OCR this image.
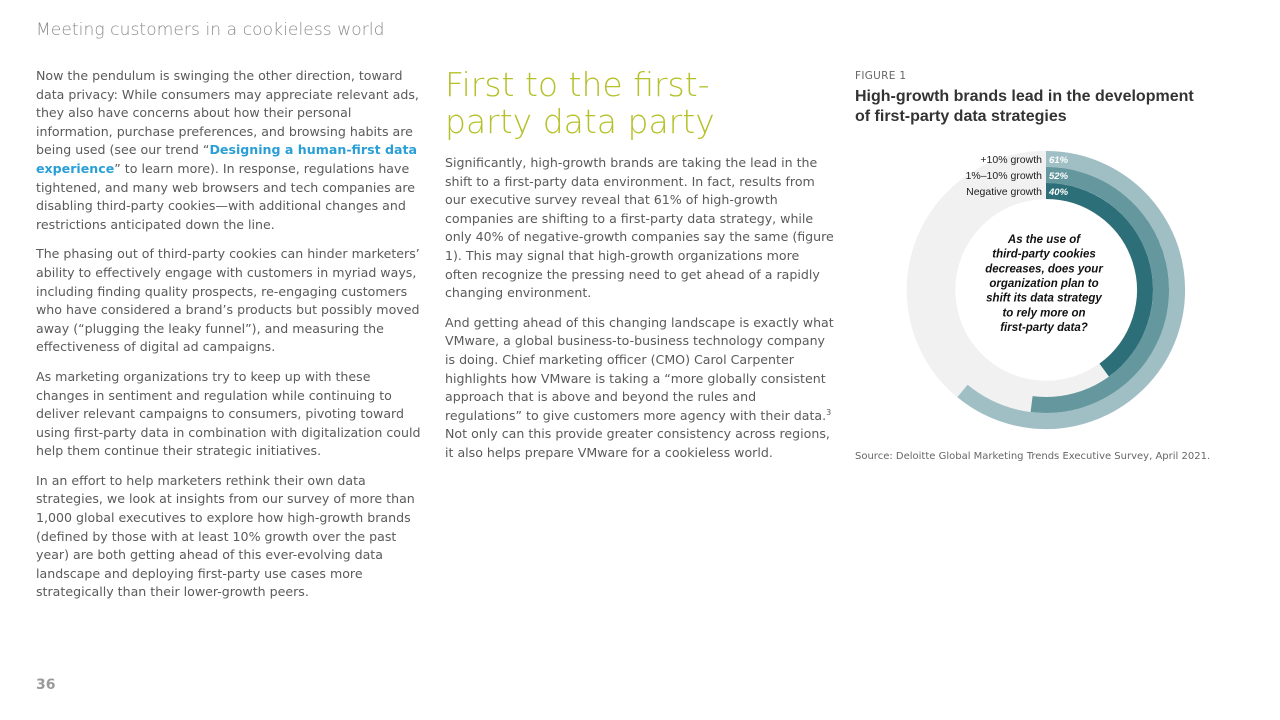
Meeting customers in a cookieless world

Now the pendulum is swinging the other direction, toward data privacy: While consumers may appreciate relevant ads, they also have concerns about how their personal information, purchase preferences, and browsing habits are being used (see our trend “Designing a human-first data experience” to learn more). In response, regulations have tightened, and many web browsers and tech companies are disabling third-party cookies—with additional changes and restrictions anticipated down the line.

The phasing out of third-party cookies can hinder marketers’ ability to effectively engage with customers in myriad ways, including finding quality prospects, re-engaging customers who have considered a brand’s products but possibly moved away (“plugging the leaky funnel”), and measuring the effectiveness of digital ad campaigns.

As marketing organizations try to keep up with these changes in sentiment and regulation while continuing to deliver relevant campaigns to consumers, pivoting toward using first-party data in combination with digitalization could help them continue their strategic initiatives.

In an effort to help marketers rethink their own data strategies, we look at insights from our survey of more than 1,000 global executives to explore how high-growth brands (defined by those with at least 10% growth over the past year) are both getting ahead of this ever-evolving data landscape and deploying first-party use cases more strategically than their lower-growth peers.

First to the first-party data party

Significantly, high-growth brands are taking the lead in the shift to a first-party data environment. In fact, results from our executive survey reveal that 61% of high-growth companies are shifting to a first-party data strategy, while only 40% of negative-growth companies say the same (figure 1). This may signal that high-growth organizations more often recognize the pressing need to get ahead of a rapidly changing environment.

And getting ahead of this changing landscape is exactly what VMware, a global business-to-business technology company is doing. Chief marketing officer (CMO) Carol Carpenter highlights how VMware is taking a “more globally consistent approach that is above and beyond the rules and regulations” to give customers more agency with their data.$^3$ Not only can this provide greater consistency across regions, it also helps prepare VMware for a cookieless world.

FIGURE 1
High-growth brands lead in the development of first-party data strategies
61%
+10% growth
52%
1%–10% growth
40%
Negative growth
As the use of
third-party cookies
decreases, does your
organization plan to
shift its data strategy
to rely more on
first-party data?
Source: Deloitte Global Marketing Trends Executive Survey, April 2021.
36
